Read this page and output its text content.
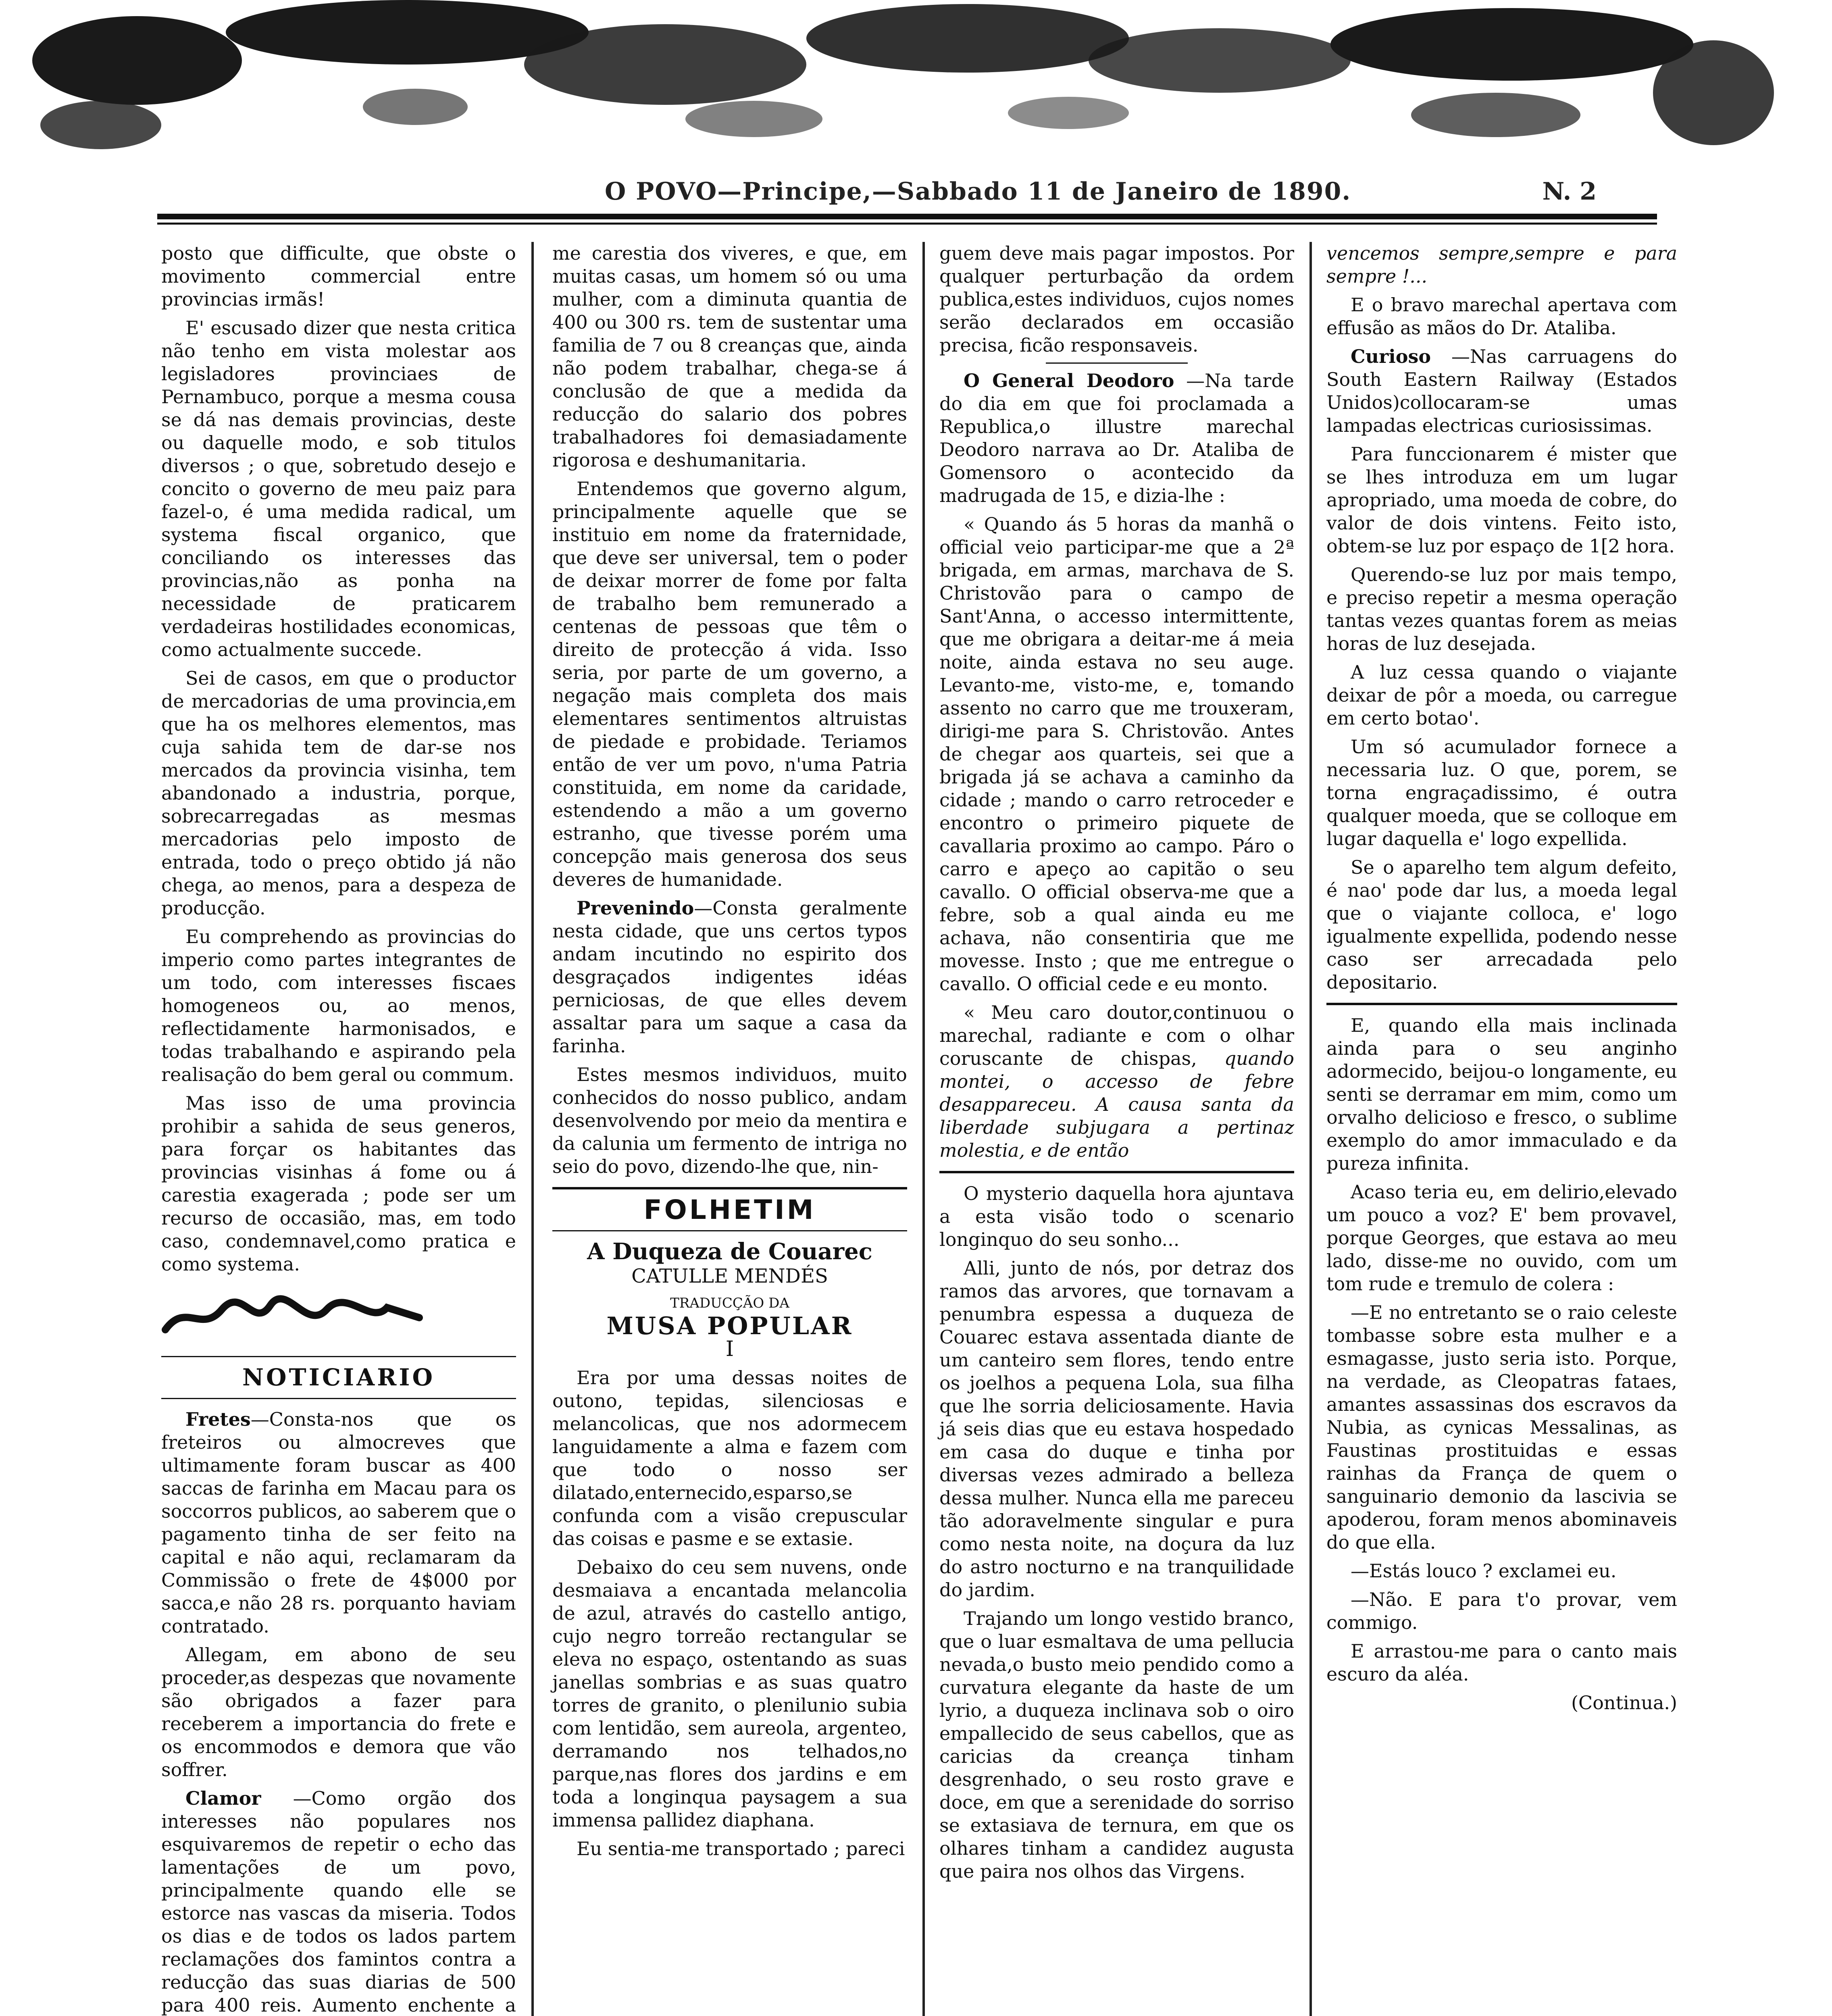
O POVO—Principe,—Sabbado 11 de Janeiro de 1890.	N. 2

posto que difficulte, que obste o movimento commercial entre provincias irmãs!

E' escusado dizer que nesta critica não tenho em vista molestar aos legisladores provinciaes de Pernambuco, porque a mesma cousa se dá nas demais provincias, deste ou daquelle modo, e sob titulos diversos ; o que, sobretudo desejo e concito o governo de meu paiz para fazel-o, é uma medida radical, um systema fiscal organico, que conciliando os interesses das provincias,não as ponha na necessidade de praticarem verdadeiras hostilidades economicas, como actualmente succede.

Sei de casos, em que o productor de mercadorias de uma provincia,em que ha os melhores elementos, mas cuja sahida tem de dar-se nos mercados da provincia visinha, tem abandonado a industria, porque, sobrecarregadas as mesmas mercadorias pelo imposto de entrada, todo o preço obtido já não chega, ao menos, para a despeza de producção.

Eu comprehendo as provincias do imperio como partes integrantes de um todo, com interesses fiscaes homogeneos ou, ao menos, reflectidamente harmonisados, e todas trabalhando e aspirando pela realisação do bem geral ou commum.

Mas isso de uma provincia prohibir a sahida de seus generos, para forçar os habitantes das provincias visinhas á fome ou á carestia exagerada ; pode ser um recurso de occasião, mas, em todo caso, condemnavel,como pratica e como systema.

NOTICIARIO

Fretes—Consta-nos que os freteiros ou almocreves que ultimamente foram buscar as 400 saccas de farinha em Macau para os soccorros publicos, ao saberem que o pagamento tinha de ser feito na capital e não aqui, reclamaram da Commissão o frete de 4$000 por sacca,e não 28 rs. porquanto haviam contratado.

Allegam, em abono de seu proceder,as despezas que novamente são obrigados a fazer para receberem a importancia do frete e os encommodos e demora que vão soffrer.

Clamor —Como orgão dos interesses não populares nos esquivaremos de repetir o echo das lamentações de um povo, principalmente quando elle se estorce nas vascas da miseria. Todos os dias e de todos os lados partem reclamações dos famintos contra a reducção das suas diarias de 500 para 400 reis. Aumento enchente a

me carestia dos viveres, e que, em muitas casas, um homem só ou uma mulher, com a diminuta quantia de 400 ou 300 rs. tem de sustentar uma familia de 7 ou 8 creanças que, ainda não podem trabalhar, chega-se á conclusão de que a medida da reducção do salario dos pobres trabalhadores foi demasiadamente rigorosa e deshumanitaria.

Entendemos que governo algum, principalmente aquelle que se instituio em nome da fraternidade, que deve ser universal, tem o poder de deixar morrer de fome por falta de trabalho bem remunerado a centenas de pessoas que têm o direito de protecção á vida. Isso seria, por parte de um governo, a negação mais completa dos mais elementares sentimentos altruistas de piedade e probidade. Teriamos então de ver um povo, n'uma Patria constituida, em nome da caridade, estendendo a mão a um governo estranho, que tivesse porém uma concepção mais generosa dos seus deveres de humanidade.

Prevenindo—Consta geralmente nesta cidade, que uns certos typos andam incutindo no espirito dos desgraçados indigentes idéas perniciosas, de que elles devem assaltar para um saque a casa da farinha.

Estes mesmos individuos, muito conhecidos do nosso publico, andam desenvolvendo por meio da mentira e da calunia um fermento de intriga no seio do povo, dizendo-lhe que, nin-

FOLHETIM

A Duqueza de Couarec

CATULLE MENDÉS

TRADUCÇÃO DA

MUSA POPULAR

I

Era por uma dessas noites de outono, tepidas, silenciosas e melancolicas, que nos adormecem languidamente a alma e fazem com que todo o nosso ser dilatado,enternecido,esparso,se confunda com a visão crepuscular das coisas e pasme e se extasie.

Debaixo do ceu sem nuvens, onde desmaiava a encantada melancolia de azul, através do castello antigo, cujo negro torreão rectangular se eleva no espaço, ostentando as suas janellas sombrias e as suas quatro torres de granito, o plenilunio subia com lentidão, sem aureola, argenteo, derramando nos telhados,no parque,nas flores dos jardins e em toda a longinqua paysagem a sua immensa pallidez diaphana.

Eu sentia-me transportado ; pareci

guem deve mais pagar impostos. Por qualquer perturbação da ordem publica,estes individuos, cujos nomes serão declarados em occasião precisa, ficão responsaveis.

O General Deodoro —Na tarde do dia em que foi proclamada a Republica,o illustre marechal Deodoro narrava ao Dr. Ataliba de Gomensoro o acontecido da madrugada de 15, e dizia-lhe :

« Quando ás 5 horas da manhã o official veio participar-me que a 2ª brigada, em armas, marchava de S. Christovão para o campo de Sant'Anna, o accesso intermittente, que me obrigara a deitar-me á meia noite, ainda estava no seu auge. Levanto-me, visto-me, e, tomando assento no carro que me trouxeram, dirigi-me para S. Christovão. Antes de chegar aos quarteis, sei que a brigada já se achava a caminho da cidade ; mando o carro retroceder e encontro o primeiro piquete de cavallaria proximo ao campo. Páro o carro e apeço ao capitão o seu cavallo. O official observa-me que a febre, sob a qual ainda eu me achava, não consentiria que me movesse. Insto ; que me entregue o cavallo. O official cede e eu monto.

« Meu caro doutor,continuou o marechal, radiante e com o olhar coruscante de chispas, quando montei, o accesso de febre desappareceu. A causa santa da liberdade subjugara a pertinaz molestia, e de então

O mysterio daquella hora ajuntava a esta visão todo o scenario longinquo do seu sonho...

Alli, junto de nós, por detraz dos ramos das arvores, que tornavam a penumbra espessa a duqueza de Couarec estava assentada diante de um canteiro sem flores, tendo entre os joelhos a pequena Lola, sua filha que lhe sorria deliciosamente. Havia já seis dias que eu estava hospedado em casa do duque e tinha por diversas vezes admirado a belleza dessa mulher. Nunca ella me pareceu tão adoravelmente singular e pura como nesta noite, na doçura da luz do astro nocturno e na tranquilidade do jardim.

Trajando um longo vestido branco, que o luar esmaltava de uma pellucia nevada,o busto meio pendido como a curvatura elegante da haste de um lyrio, a duqueza inclinava sob o oiro empallecido de seus cabellos, que as caricias da creança tinham desgrenhado, o seu rosto grave e doce, em que a serenidade do sorriso se extasiava de ternura, em que os olhares tinham a candidez augusta que paira nos olhos das Virgens.

vencemos sempre,sempre e para sempre !...

E o bravo marechal apertava com effusão as mãos do Dr. Ataliba.

Curioso —Nas carruagens do South Eastern Railway (Estados Unidos)collocaram-se umas lampadas electricas curiosissimas.

Para funccionarem é mister que se lhes introduza em um lugar apropriado, uma moeda de cobre, do valor de dois vintens. Feito isto, obtem-se luz por espaço de 1[2 hora.

Querendo-se luz por mais tempo, e preciso repetir a mesma operação tantas vezes quantas forem as meias horas de luz desejada.

A luz cessa quando o viajante deixar de pôr a moeda, ou carregue em certo botao'.

Um só acumulador fornece a necessaria luz. O que, porem, se torna engraçadissimo, é outra qualquer moeda, que se colloque em lugar daquella e' logo expellida.

Se o aparelho tem algum defeito, é nao' pode dar lus, a moeda legal que o viajante colloca, e' logo igualmente expellida, podendo nesse caso ser arrecadada pelo depositario.

E, quando ella mais inclinada ainda para o seu anginho adormecido, beijou-o longamente, eu senti se derramar em mim, como um orvalho delicioso e fresco, o sublime exemplo do amor immaculado e da pureza infinita.

Acaso teria eu, em delirio,elevado um pouco a voz? E' bem provavel, porque Georges, que estava ao meu lado, disse-me no ouvido, com um tom rude e tremulo de colera :

—E no entretanto se o raio celeste tombasse sobre esta mulher e a esmagasse, justo seria isto. Porque, na verdade, as Cleopatras fataes, amantes assassinas dos escravos da Nubia, as cynicas Messalinas, as Faustinas prostituidas e essas rainhas da França de quem o sanguinario demonio da lascivia se apoderou, foram menos abominaveis do que ella.

—Estás louco ? exclamei eu.

—Não. E para t'o provar, vem commigo.

E arrastou-me para o canto mais escuro da aléa.

(Continua.)
